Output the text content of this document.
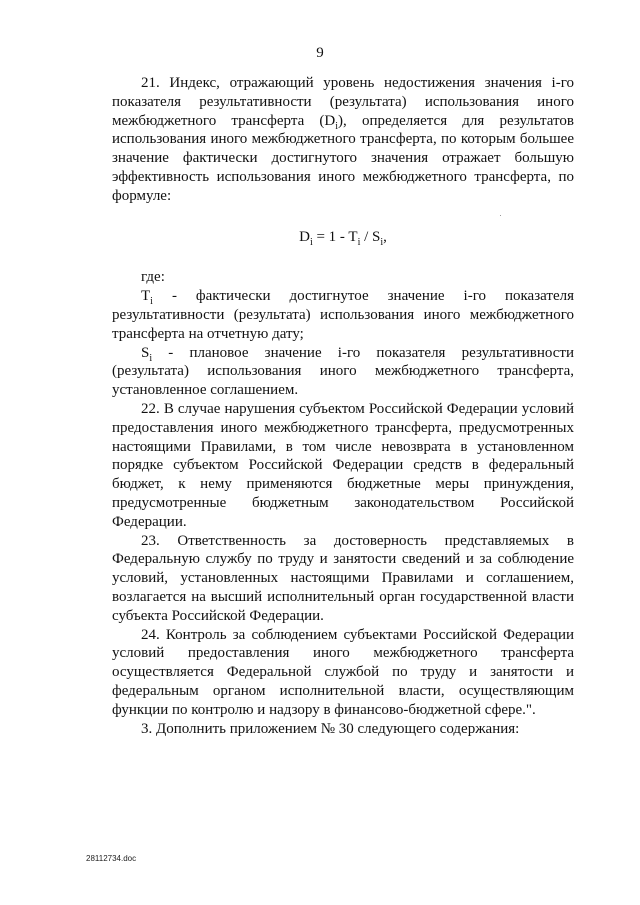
9

21. Индекс, отражающий уровень недостижения значения i-го показателя результативности (результата) использования иного межбюджетного трансферта $(D_i)$, определяется для результатов использования иного межбюджетного трансферта, по которым большее значение фактически достигнутого значения отражает большую эффективность использования иного межбюджетного трансферта, по формуле:

$D_i = 1 - T_i / S_i$,

где:

$T_i$ - фактически достигнутое значение i-го показателя результативности (результата) использования иного межбюджетного трансферта на отчетную дату;

$S_i$ - плановое значение i-го показателя результативности (результата) использования иного межбюджетного трансферта, установленное соглашением.

22. В случае нарушения субъектом Российской Федерации условий предоставления иного межбюджетного трансферта, предусмотренных настоящими Правилами, в том числе невозврата в установленном порядке субъектом Российской Федерации средств в федеральный бюджет, к нему применяются бюджетные меры принуждения, предусмотренные бюджетным законодательством Российской Федерации.

23. Ответственность за достоверность представляемых в Федеральную службу по труду и занятости сведений и за соблюдение условий, установленных настоящими Правилами и соглашением, возлагается на высший исполнительный орган государственной власти субъекта Российской Федерации.

24. Контроль за соблюдением субъектами Российской Федерации условий предоставления иного межбюджетного трансферта осуществляется Федеральной службой по труду и занятости и федеральным органом исполнительной власти, осуществляющим функции по контролю и надзору в финансово-бюджетной сфере.".

3. Дополнить приложением № 30 следующего содержания:

28112734.doc
